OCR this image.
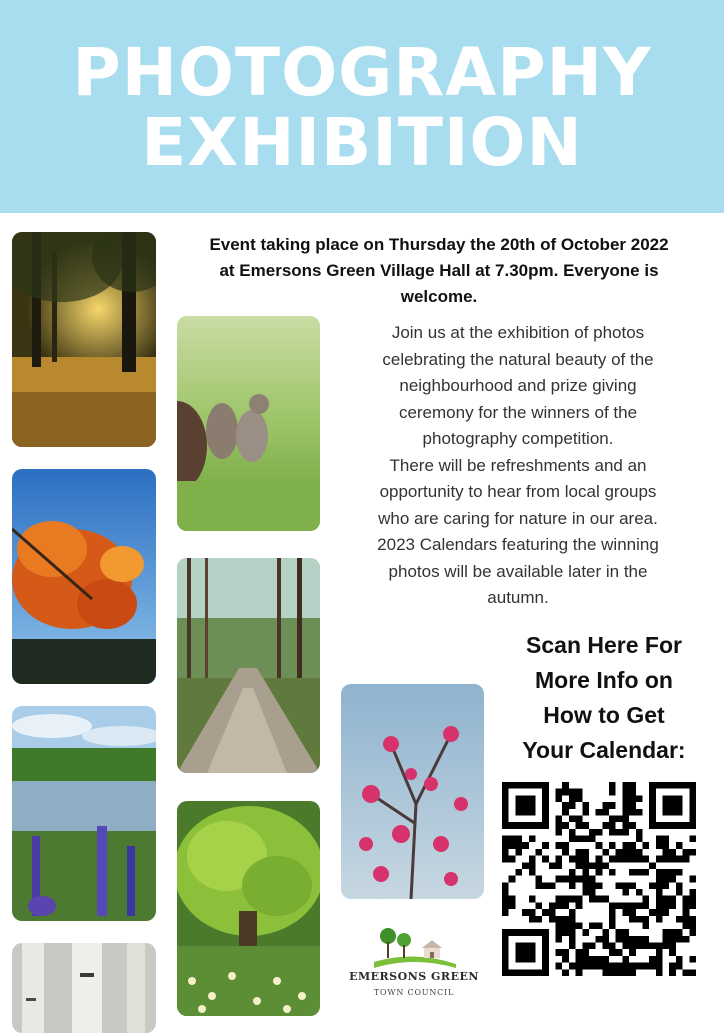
PHOTOGRAPHY
EXHIBITION

Event taking place on Thursday the 20th of October 2022
at Emersons Green Village Hall at 7.30pm. Everyone is
welcome.

Join us at the exhibition of photos
celebrating the natural beauty of the
neighbourhood and prize giving
ceremony for the winners of the
photography competition.
There will be refreshments and an
opportunity to hear from local groups
who are caring for nature in our area.
2023 Calendars featuring the winning
photos will be available later in the
autumn.

Scan Here For
More Info on
How to Get
Your Calendar:

EMERSONS GREEN
TOWN COUNCIL
